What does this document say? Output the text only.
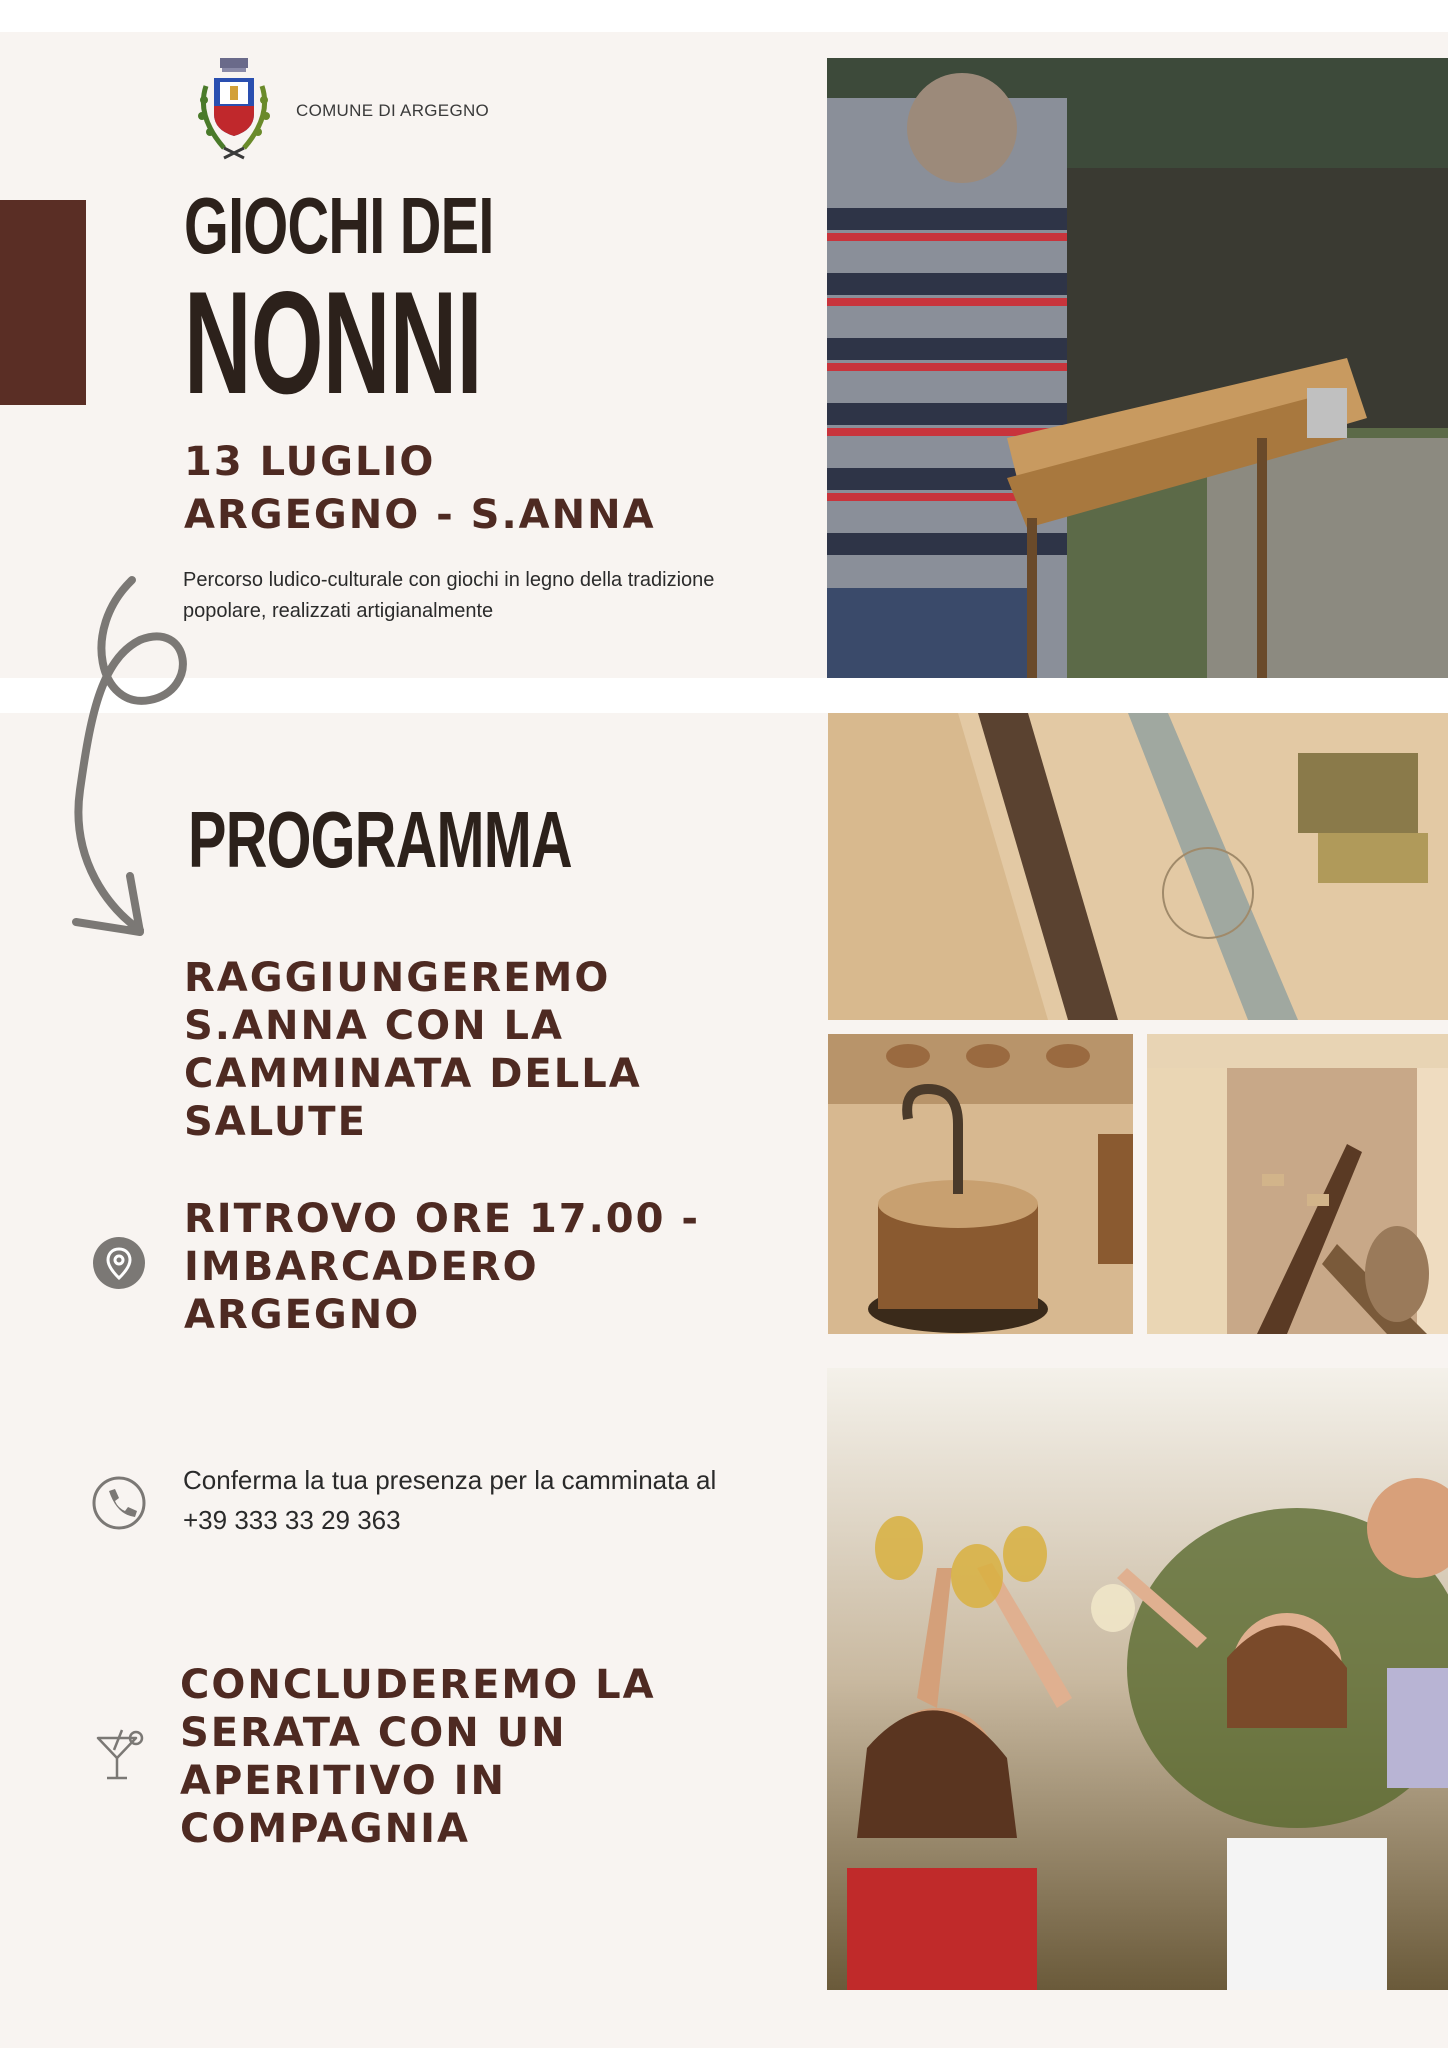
COMUNE DI ARGEGNO
GIOCHI DEI
NONNI
13 LUGLIO
ARGEGNO - S.ANNA
Percorso ludico-culturale con giochi in legno della tradizione
popolare, realizzati artigianalmente
PROGRAMMA
RAGGIUNGEREMO
S.ANNA CON LA
CAMMINATA DELLA
SALUTE
RITROVO ORE 17.00 -
IMBARCADERO
ARGEGNO
Conferma la tua presenza per la camminata al
+39 333 33 29 363
CONCLUDEREMO LA
SERATA CON UN
APERITIVO IN
COMPAGNIA
